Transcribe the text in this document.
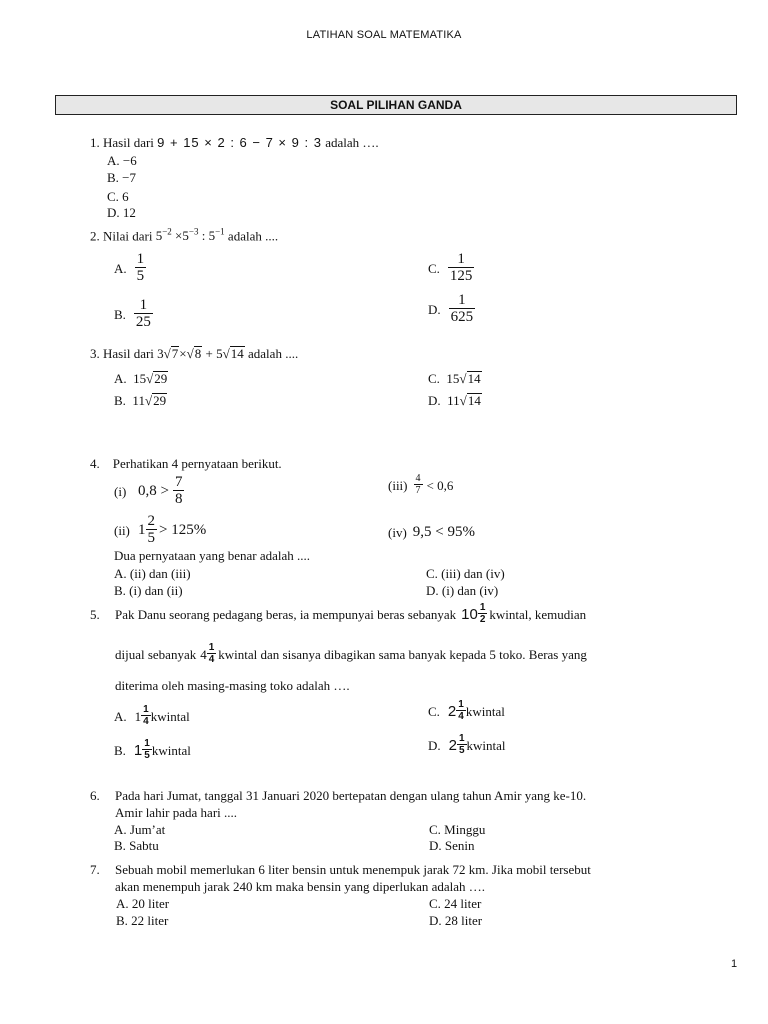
LATIHAN SOAL MATEMATIKA
SOAL PILIHAN GANDA
1. Hasil dari 9 + 15 × 2 : 6 − 7 × 9 : 3 adalah ….
A. −6
B. −7
C. 6
D. 12
2. Nilai dari $5^{-2} \times 5^{-3}$ : $5^{-1}$ adalah ....
A. $\frac{1}{5}$
B. $\frac{1}{25}$
C. $\frac{1}{125}$
D. $\frac{1}{625}$
3. Hasil dari 3√7×√8 + 5√14 adalah ....
A. 15√29
B. 11√29
C. 15√14
D. 11√14
4. Perhatikan 4 pernyataan berikut.
(i) $0,8 > \frac{7}{8}$
(ii) $1 \frac{2}{5} > 125\%$
$(iii) \frac{4}{7} < 0,6$
(iv) 9,5 < 95%
Dua pernyataan yang benar adalah ....
A. (ii) dan (iii)
B. (i) dan (ii)
C. (iii) dan (iv)
D. (i) dan (iv)
5.	Pak Danu seorang pedagang beras, ia mempunyai beras sebanyak $10 \frac{1}{2}$ kwintal, kemudian
dijual sebanyak $4 \frac{1}{4}$ kwintal dan sisanya dibagikan sama banyak kepada 5 toko. Beras yang
diterima oleh masing-masing toko adalah ….
A. $1 \frac{1}{4}$ kwintal
B. $1 \frac{1}{5}$ kwintal
C. $2 \frac{1}{4}$ kwintal
D. $2 \frac{1}{5}$ kwintal
6. Pada hari Jumat, tanggal 31 Januari 2020 bertepatan dengan ulang tahun Amir yang ke-10.
Amir lahir pada hari ....
A. Jum’at
B. Sabtu
C. Minggu
D. Senin
7. Sebuah mobil memerlukan 6 liter bensin untuk menempuk jarak 72 km. Jika mobil tersebut
akan menempuh jarak 240 km maka bensin yang diperlukan adalah ….
A. 20 liter
B. 22 liter
C. 24 liter
D. 28 liter
1
